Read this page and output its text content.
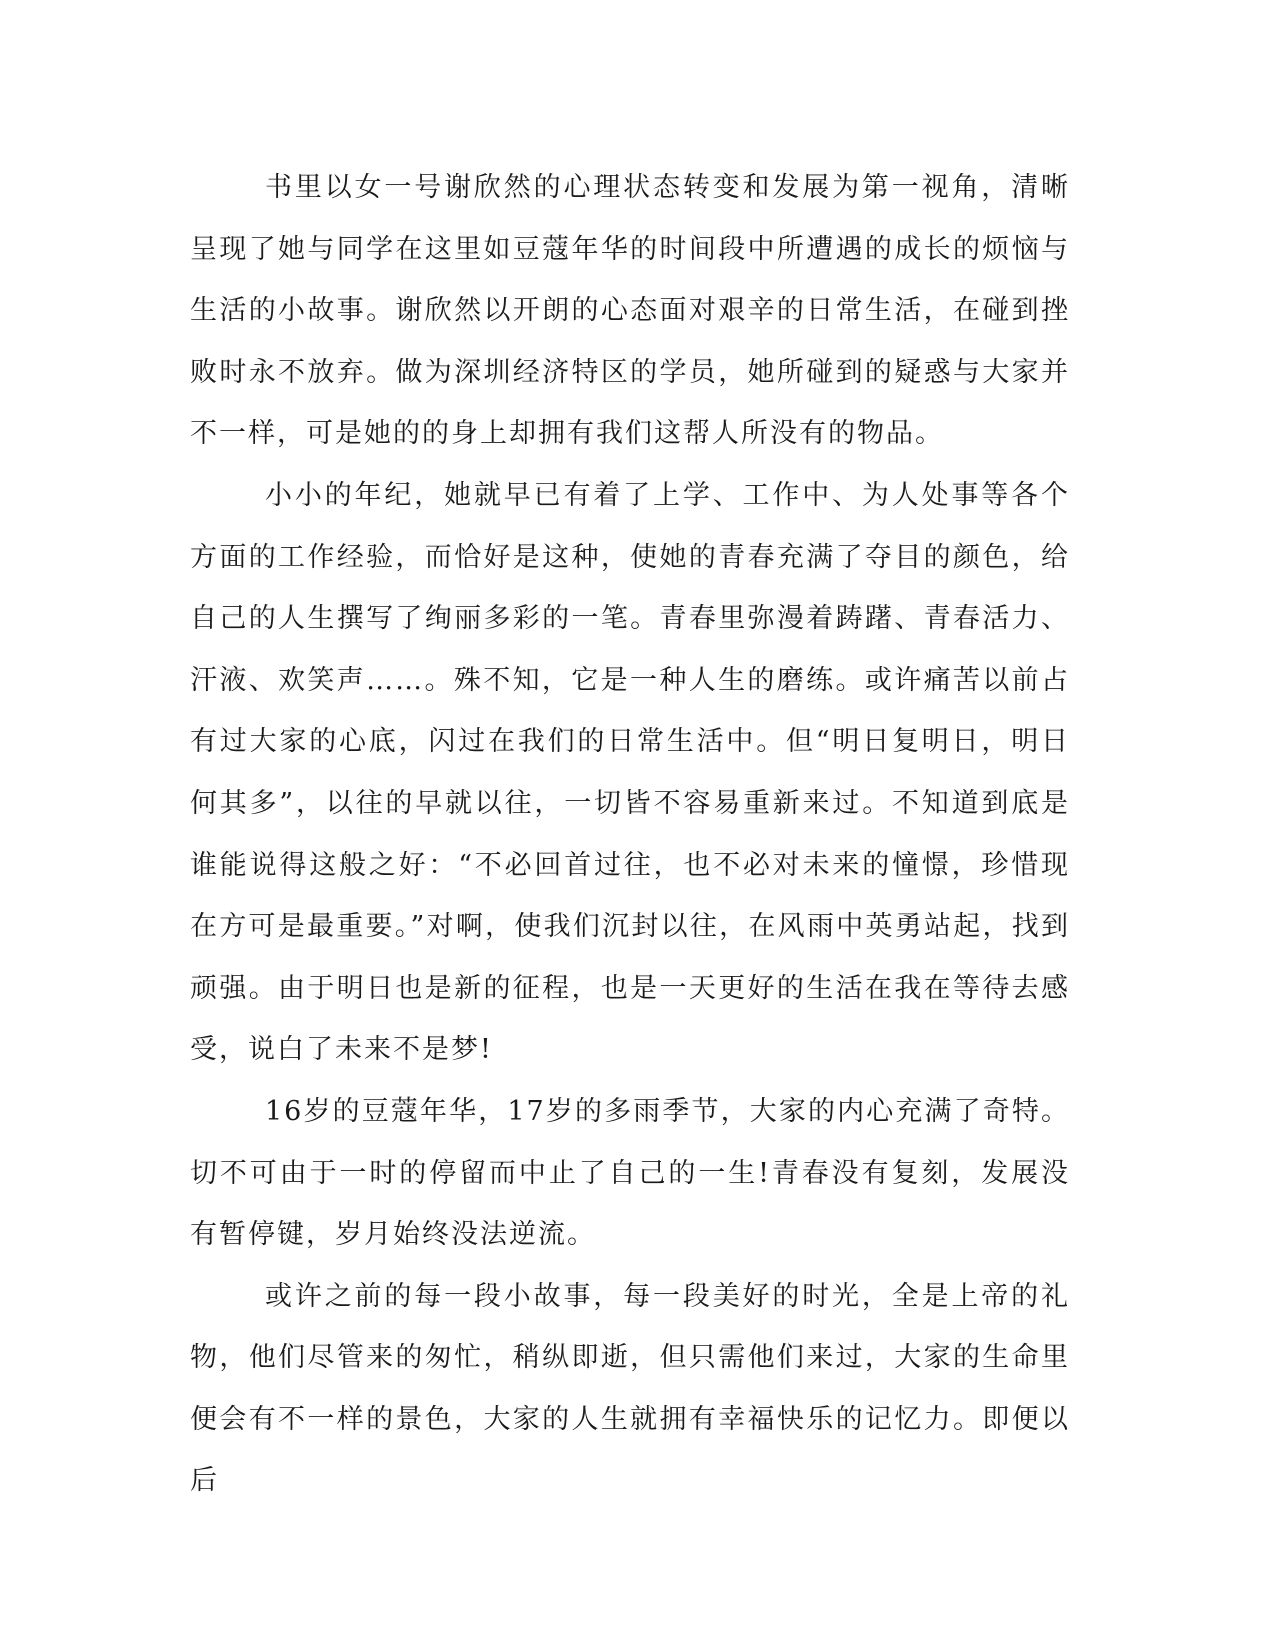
书里以女一号谢欣然的心理状态转变和发展为第一视角，清晰呈现了她与同学在这里如豆蔻年华的时间段中所遭遇的成长的烦恼与生活的小故事。谢欣然以开朗的心态面对艰辛的日常生活，在碰到挫败时永不放弃。做为深圳经济特区的学员，她所碰到的疑惑与大家并不一样，可是她的的身上却拥有我们这帮人所没有的物品。

小小的年纪，她就早已有着了上学、工作中、为人处事等各个方面的工作经验，而恰好是这种，使她的青春充满了夺目的颜色，给自己的人生撰写了绚丽多彩的一笔。青春里弥漫着踌躇、青春活力、汗液、欢笑声……。殊不知，它是一种人生的磨练。或许痛苦以前占有过大家的心底，闪过在我们的日常生活中。但“明日复明日，明日何其多”，以往的早就以往，一切皆不容易重新来过。不知道到底是谁能说得这般之好：“不必回首过往，也不必对未来的憧憬，珍惜现在方可是最重要。”对啊，使我们沉封以往，在风雨中英勇站起，找到顽强。由于明日也是新的征程，也是一天更好的生活在我在等待去感受，说白了未来不是梦!

16岁的豆蔻年华，17岁的多雨季节，大家的内心充满了奇特。切不可由于一时的停留而中止了自己的一生!青春没有复刻，发展没有暂停键，岁月始终没法逆流。

或许之前的每一段小故事，每一段美好的时光，全是上帝的礼物，他们尽管来的匆忙，稍纵即逝，但只需他们来过，大家的生命里便会有不一样的景色，大家的人生就拥有幸福快乐的记忆力。即便以后
